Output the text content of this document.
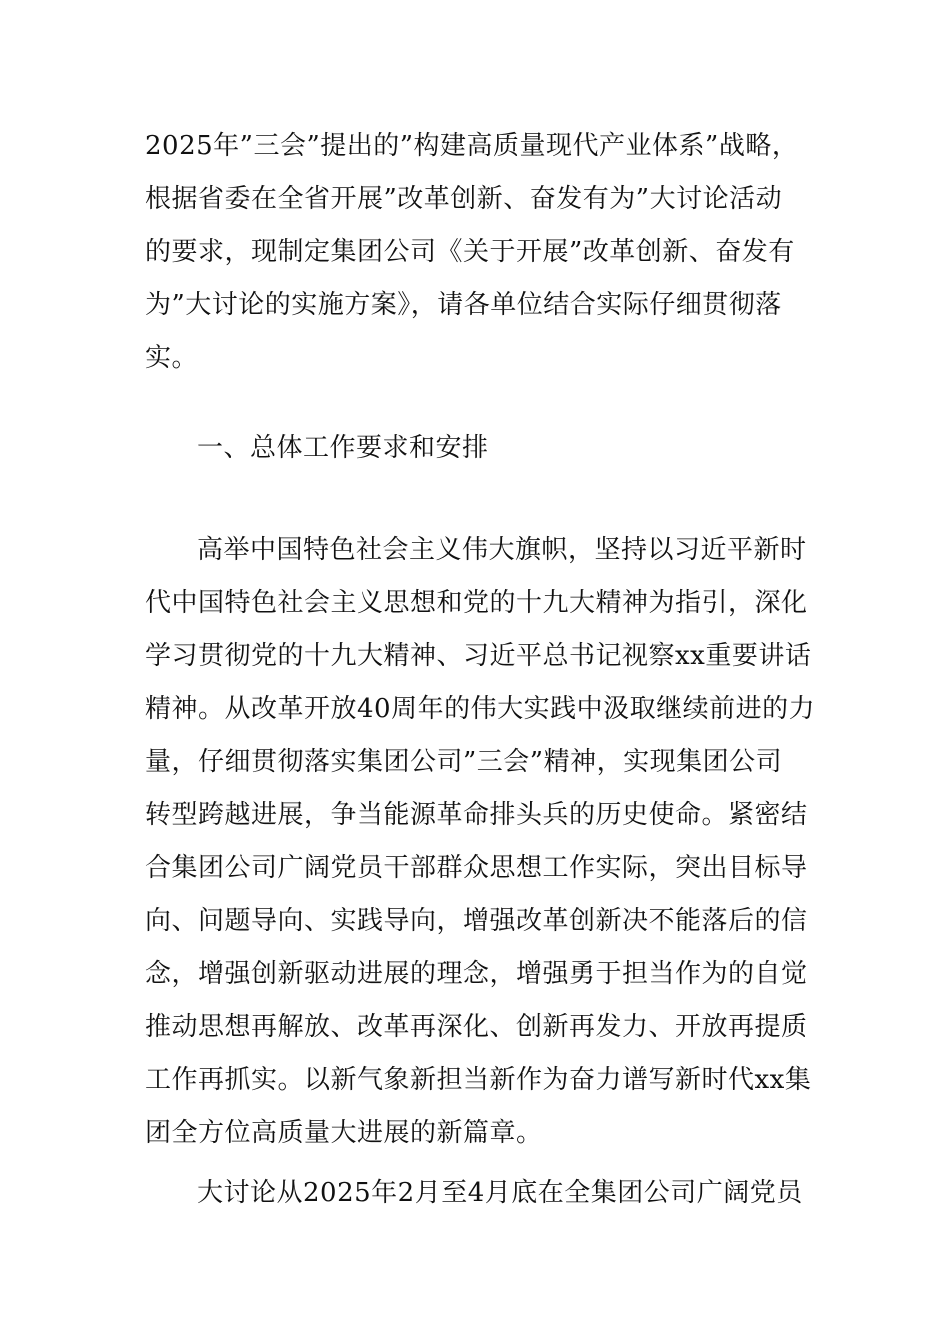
2025年”三会”提出的”构建高质量现代产业体系”战略，
根据省委在全省开展”改革创新、奋发有为”大讨论活动
的要求，现制定集团公司《关于开展”改革创新、奋发有
为”大讨论的实施方案》，请各单位结合实际仔细贯彻落
实。
一、总体工作要求和安排
高举中国特色社会主义伟大旗帜，坚持以习近平新时
代中国特色社会主义思想和党的十九大精神为指引，深化
学习贯彻党的十九大精神、习近平总书记视察xx重要讲话
精神。从改革开放40周年的伟大实践中汲取继续前进的力
量，仔细贯彻落实集团公司”三会”精神，实现集团公司
转型跨越进展，争当能源革命排头兵的历史使命。紧密结
合集团公司广阔党员干部群众思想工作实际，突出目标导
向、问题导向、实践导向，增强改革创新决不能落后的信
念，增强创新驱动进展的理念，增强勇于担当作为的自觉
推动思想再解放、改革再深化、创新再发力、开放再提质
工作再抓实。以新气象新担当新作为奋力谱写新时代xx集
团全方位高质量大进展的新篇章。
大讨论从2025年2月至4月底在全集团公司广阔党员
